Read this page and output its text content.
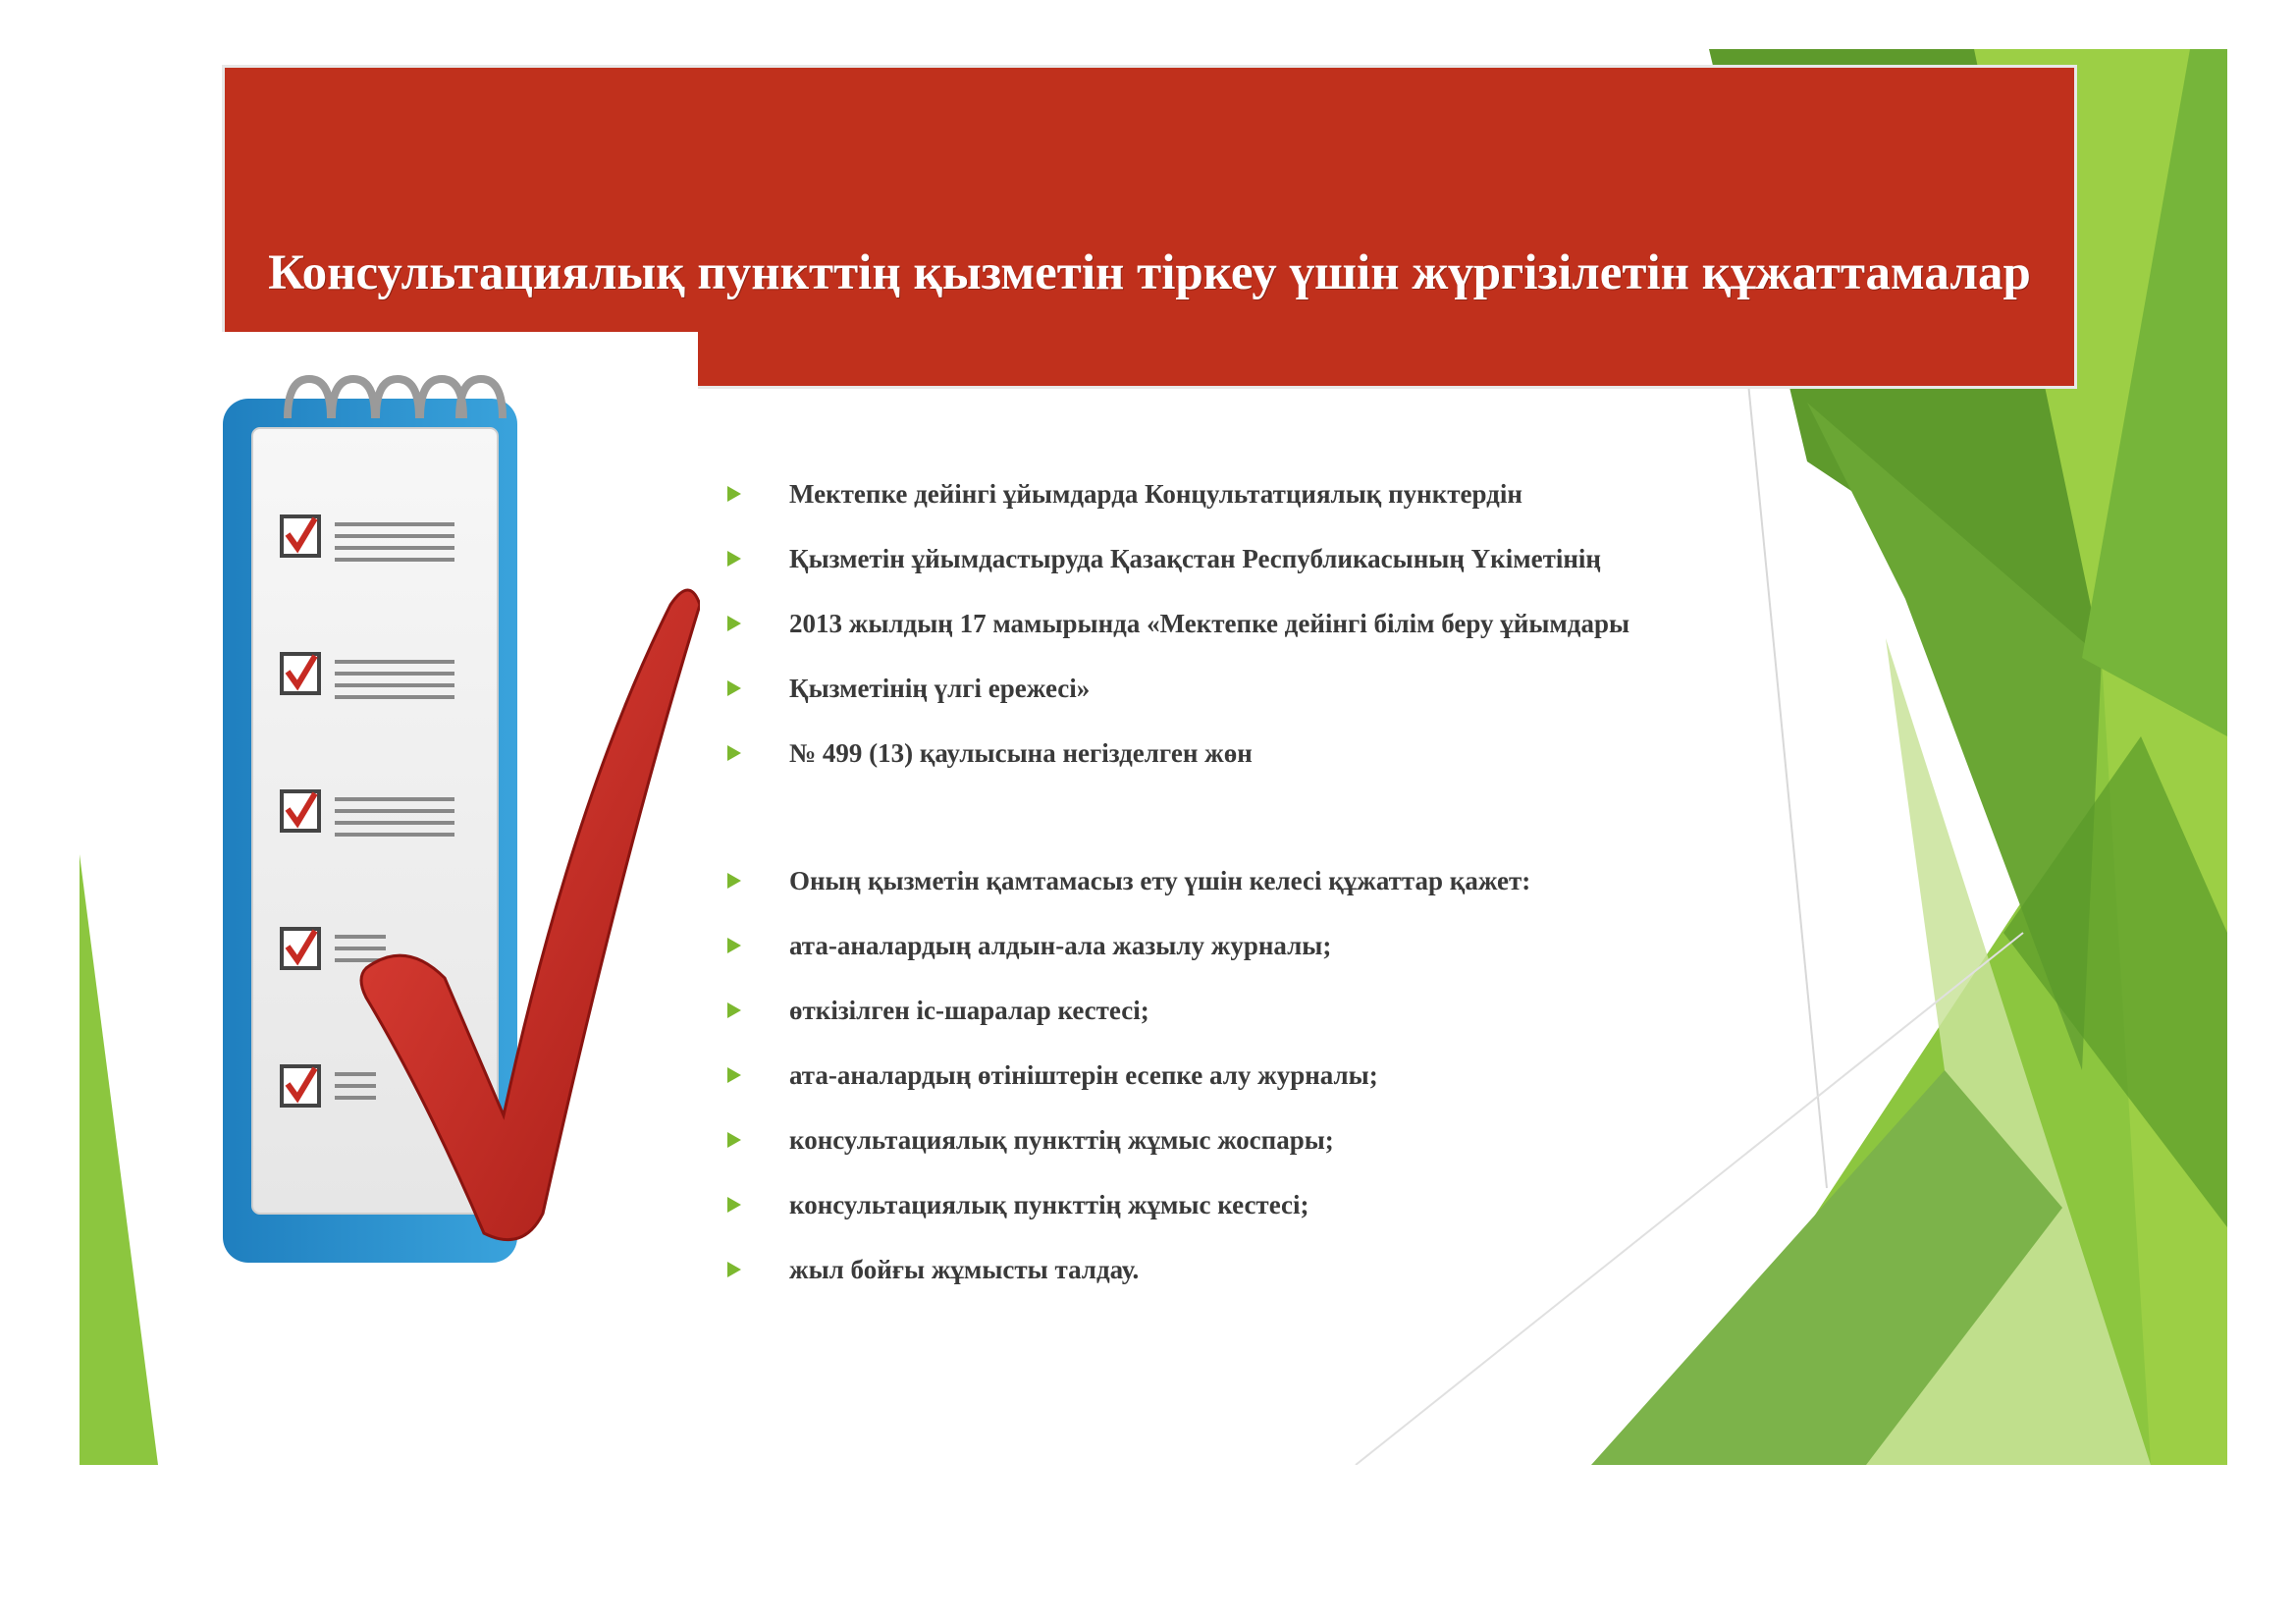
Консультациялық пункттің қызметін тіркеу үшін жүргізілетін құжаттамалар
Мектепке дейінгі ұйымдарда Концультатциялық пунктердін
Қызметін ұйымдастыруда Қазақстан Республикасының Үкіметінің
2013 жылдың 17 мамырында «Мектепке дейінгі білім беру ұйымдары
Қызметінің үлгі ережесі»
№ 499 (13) қаулысына негізделген жөн
Оның қызметін қамтамасыз ету үшін келесі құжаттар қажет:
ата-аналардың алдын-ала жазылу журналы;
өткізілген іс-шаралар кестесі;
ата-аналардың өтініштерін есепке алу журналы;
консультациялық пункттің жұмыс жоспары;
консультациялық пункттің жұмыс кестесі;
жыл бойғы жұмысты талдау.
